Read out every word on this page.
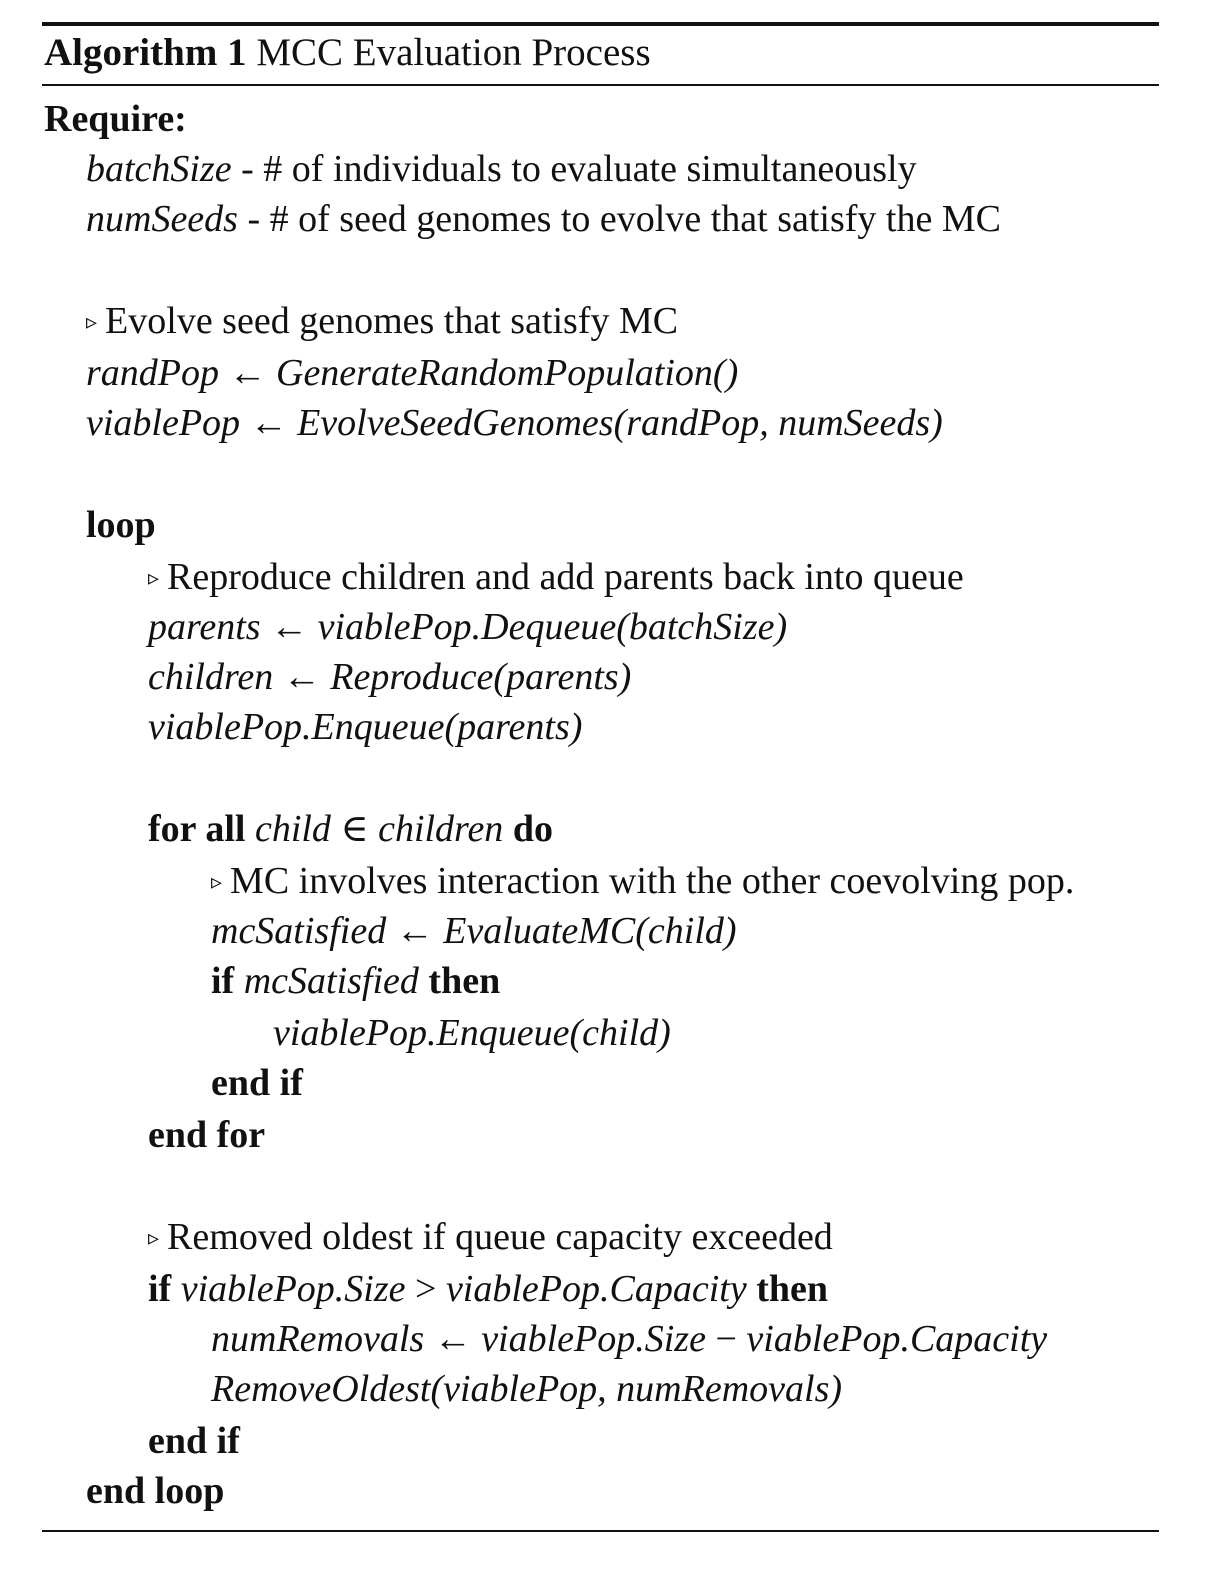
Algorithm 1 MCC Evaluation Process
Require:
batchSize - # of individuals to evaluate simultaneously
numSeeds - # of seed genomes to evolve that satisfy the MC
▹ Evolve seed genomes that satisfy MC
randPop ← GenerateRandomPopulation()
viablePop ← EvolveSeedGenomes(randPop, numSeeds)
loop
▹ Reproduce children and add parents back into queue
parents ← viablePop.Dequeue(batchSize)
children ← Reproduce(parents)
viablePop.Enqueue(parents)
for all child ∈ children do
▹ MC involves interaction with the other coevolving pop.
mcSatisfied ← EvaluateMC(child)
if mcSatisfied then
viablePop.Enqueue(child)
end if
end for
▹ Removed oldest if queue capacity exceeded
if viablePop.Size > viablePop.Capacity then
numRemovals ← viablePop.Size − viablePop.Capacity
RemoveOldest(viablePop, numRemovals)
end if
end loop
